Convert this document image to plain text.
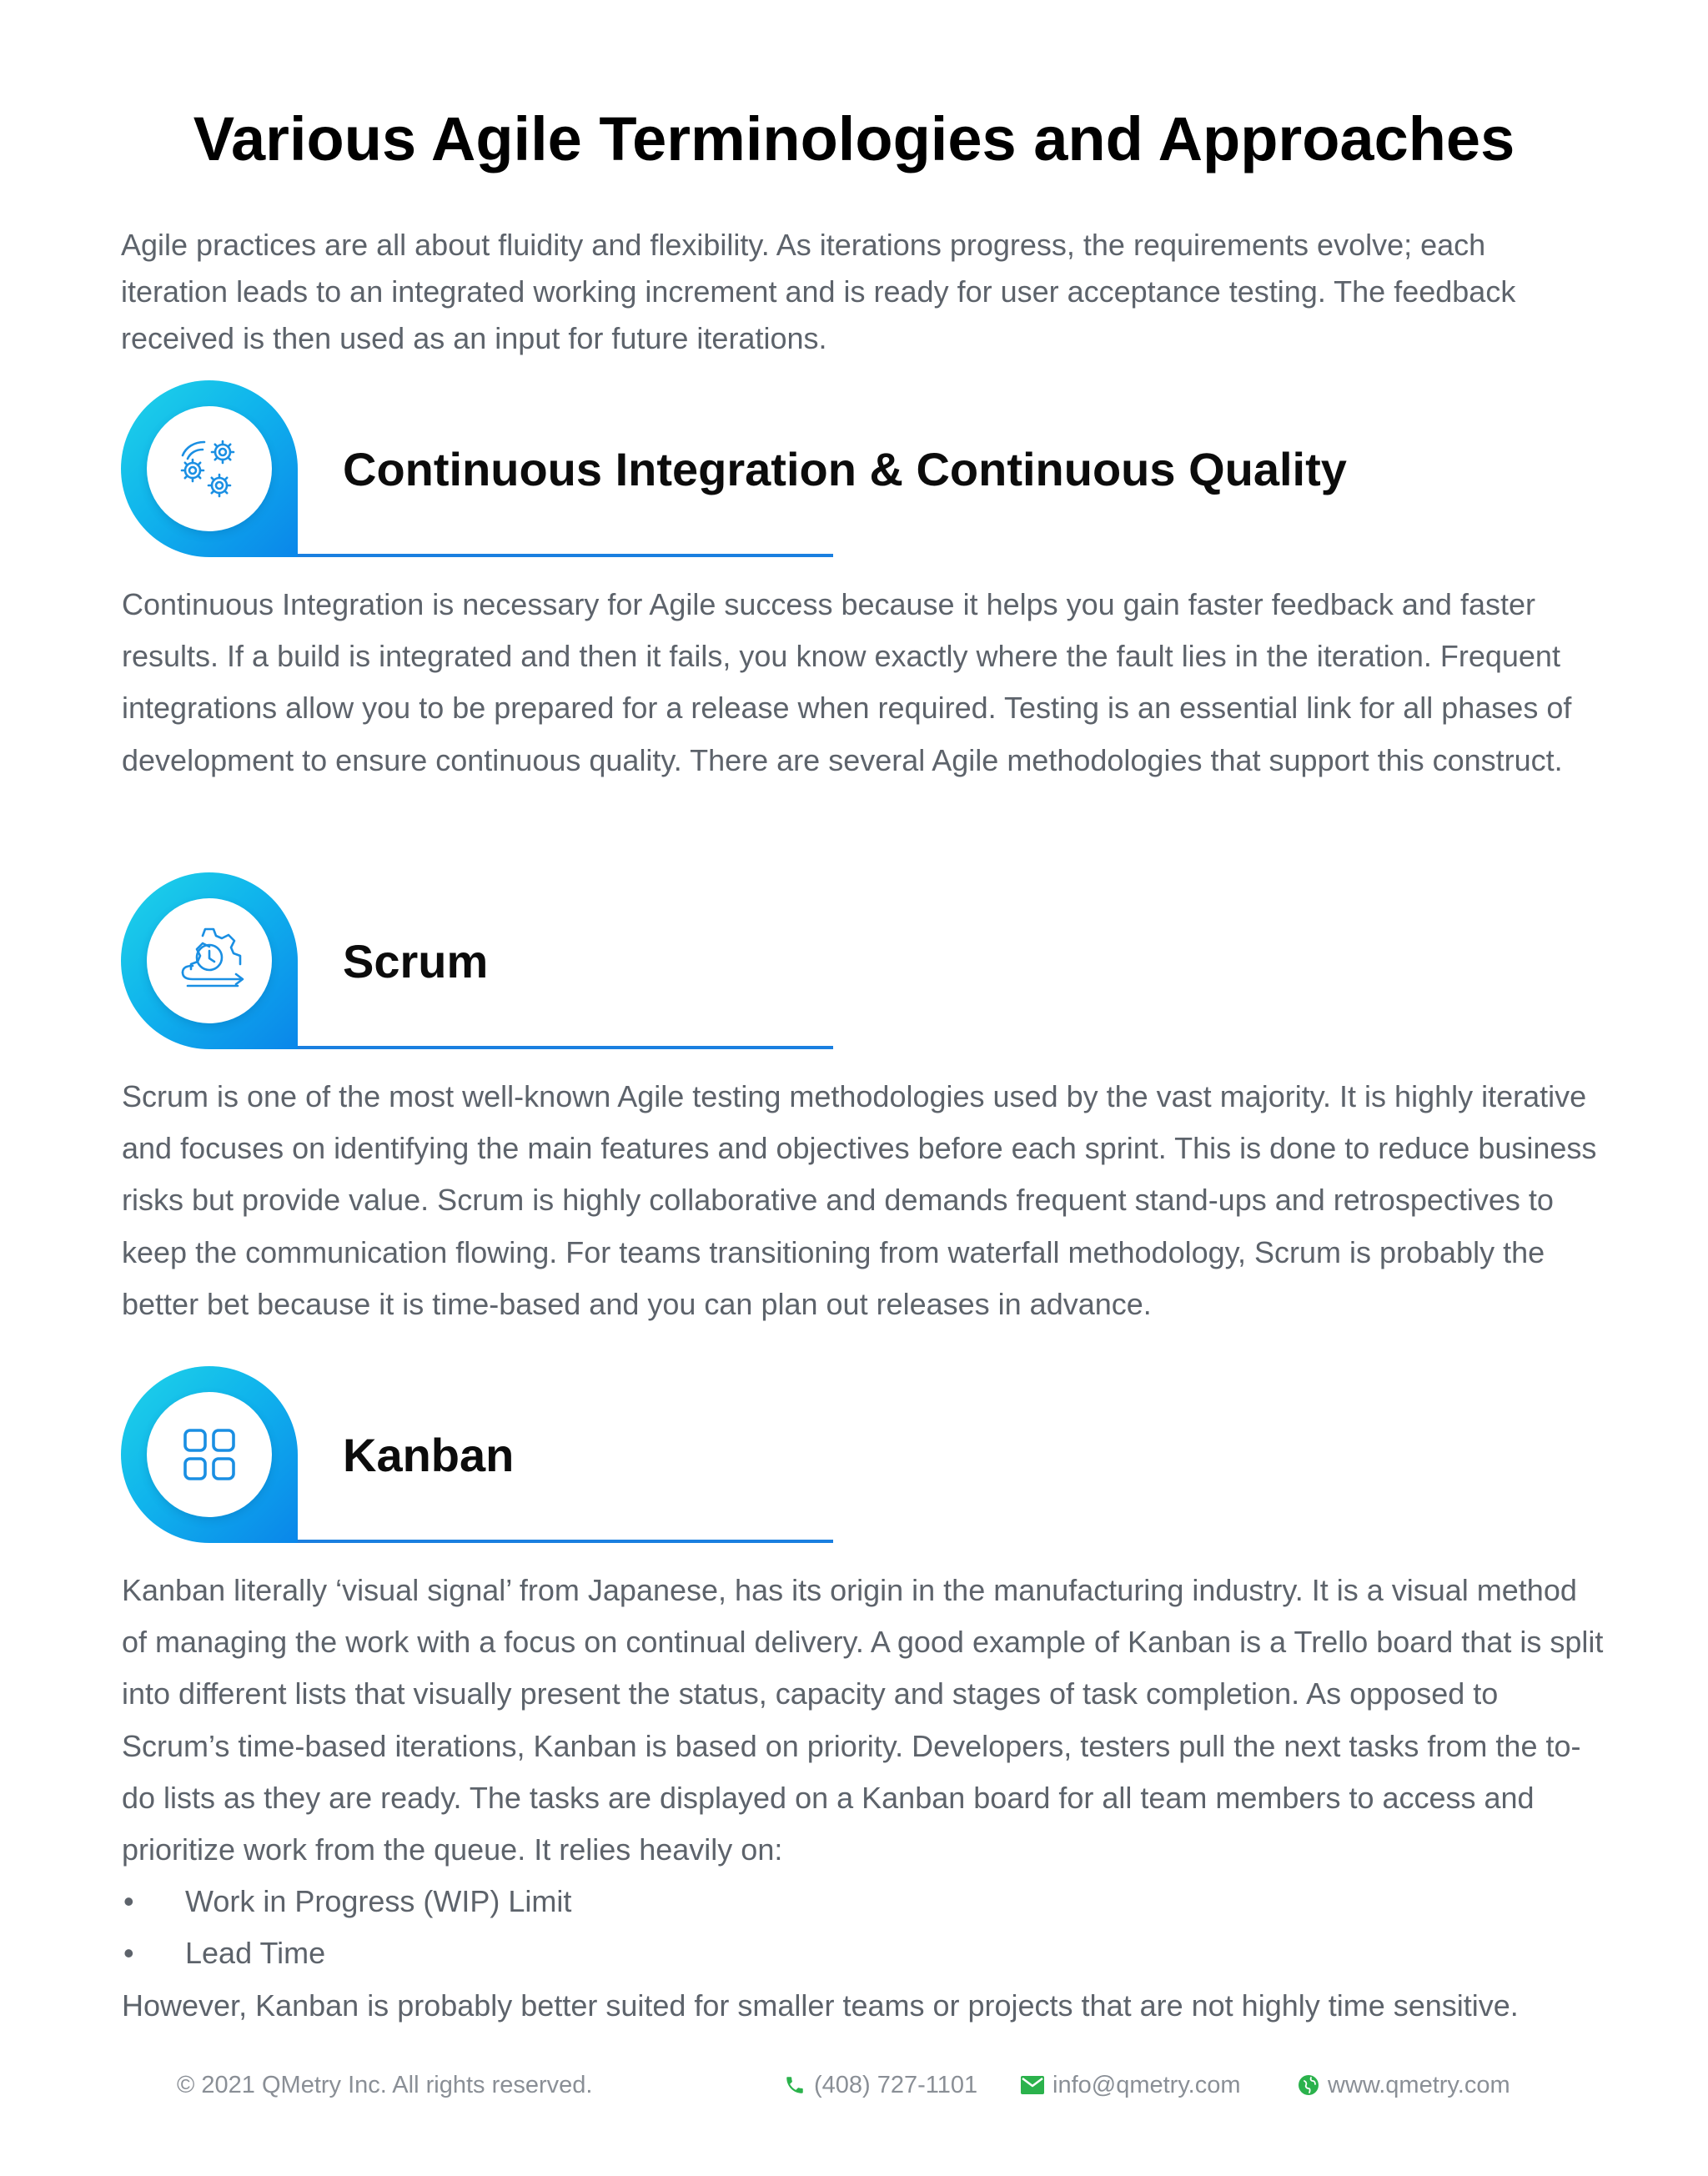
Various Agile Terminologies and Approaches

Agile practices are all about fluidity and flexibility. As iterations progress, the requirements evolve; each iteration leads to an integrated working increment and is ready for user acceptance testing. The feedback received is then used as an input for future iterations.

Continuous Integration & Continuous Quality

Continuous Integration is necessary for Agile success because it helps you gain faster feedback and faster results. If a build is integrated and then it fails, you know exactly where the fault lies in the iteration. Frequent integrations allow you to be prepared for a release when required. Testing is an essential link for all phases of development to ensure continuous quality. There are several Agile methodologies that support this construct.

Scrum

Scrum is one of the most well-known Agile testing methodologies used by the vast majority. It is highly iterative and focuses on identifying the main features and objectives before each sprint. This is done to reduce business risks but provide value. Scrum is highly collaborative and demands frequent stand-ups and retrospectives to keep the communication flowing. For teams transitioning from waterfall methodology, Scrum is probably the better bet because it is time-based and you can plan out releases in advance.

Kanban

Kanban literally ‘visual signal’ from Japanese, has its origin in the manufacturing industry. It is a visual method of managing the work with a focus on continual delivery. A good example of Kanban is a Trello board that is split into different lists that visually present the status, capacity and stages of task completion. As opposed to Scrum’s time-based iterations, Kanban is based on priority. Developers, testers pull the next tasks from the to-do lists as they are ready. The tasks are displayed on a Kanban board for all team members to access and prioritize work from the queue. It relies heavily on:

• Work in Progress (WIP) Limit
• Lead Time

However, Kanban is probably better suited for smaller teams or projects that are not highly time sensitive.

© 2021 QMetry Inc. All rights reserved.	(408) 727-1101	info@qmetry.com	www.qmetry.com
